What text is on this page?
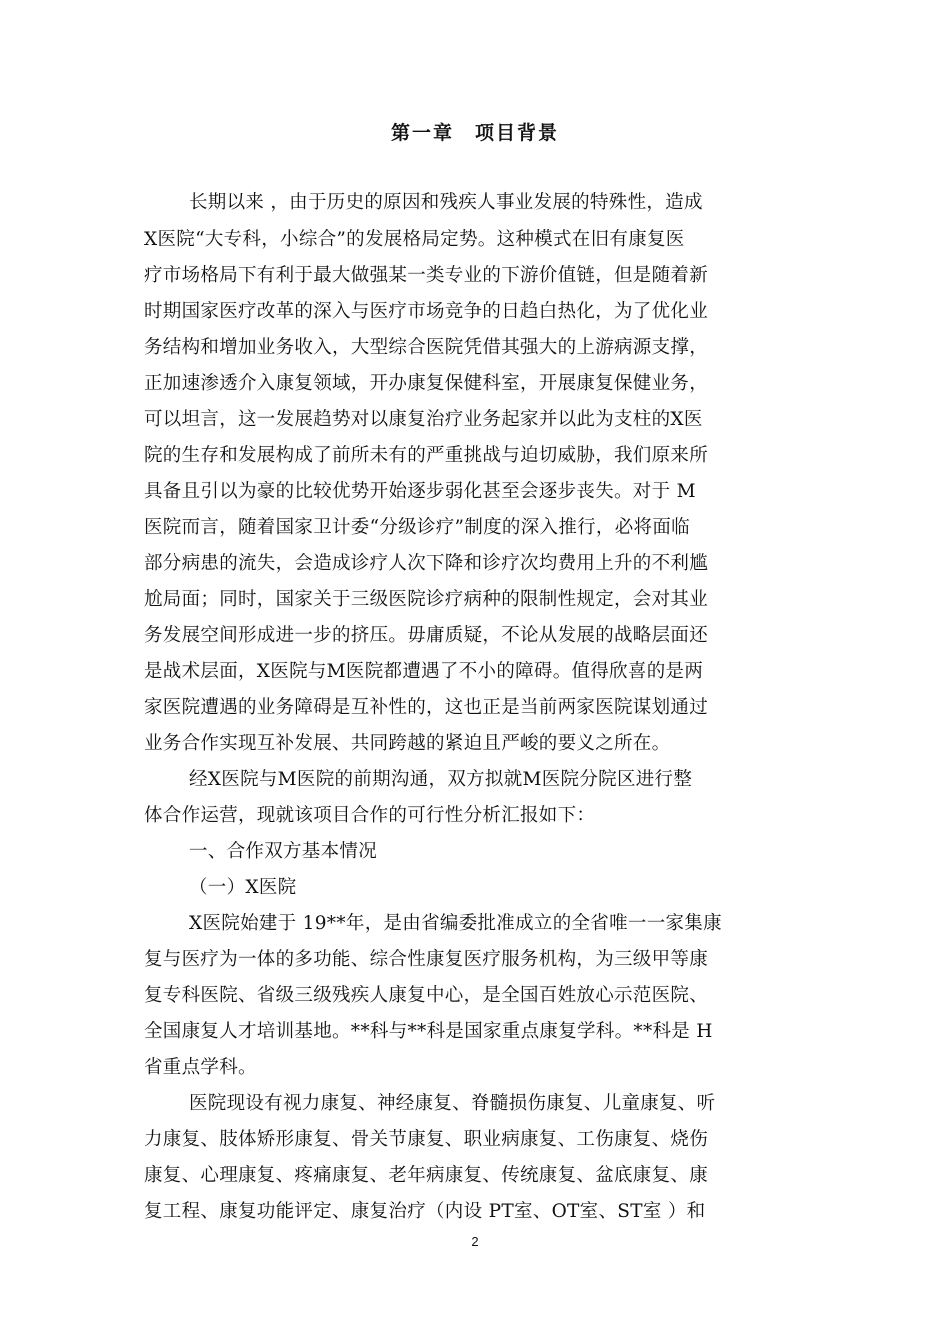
第一章　项目背景
长期以来 ，由于历史的原因和残疾人事业发展的特殊性，造成
X医院“大专科，小综合”的发展格局定势。这种模式在旧有康复医
疗市场格局下有利于最大做强某一类专业的下游价值链，但是随着新
时期国家医疗改革的深入与医疗市场竞争的日趋白热化，为了优化业
务结构和增加业务收入，大型综合医院凭借其强大的上游病源支撑，
正加速渗透介入康复领域，开办康复保健科室，开展康复保健业务，
可以坦言，这一发展趋势对以康复治疗业务起家并以此为支柱的X医
院的生存和发展构成了前所未有的严重挑战与迫切威胁，我们原来所
具备且引以为豪的比较优势开始逐步弱化甚至会逐步丧失。对于 M
医院而言，随着国家卫计委“分级诊疗”制度的深入推行，必将面临
部分病患的流失，会造成诊疗人次下降和诊疗次均费用上升的不利尴
尬局面；同时，国家关于三级医院诊疗病种的限制性规定，会对其业
务发展空间形成进一步的挤压。毋庸质疑，不论从发展的战略层面还
是战术层面，X医院与M医院都遭遇了不小的障碍。值得欣喜的是两
家医院遭遇的业务障碍是互补性的，这也正是当前两家医院谋划通过
业务合作实现互补发展、共同跨越的紧迫且严峻的要义之所在。
经X医院与M医院的前期沟通，双方拟就M医院分院区进行整
体合作运营，现就该项目合作的可行性分析汇报如下：
一、合作双方基本情况
（一）X医院
X医院始建于 19**年，是由省编委批准成立的全省唯一一家集康
复与医疗为一体的多功能、综合性康复医疗服务机构，为三级甲等康
复专科医院、省级三级残疾人康复中心，是全国百姓放心示范医院、
全国康复人才培训基地。**科与**科是国家重点康复学科。**科是 H
省重点学科。
医院现设有视力康复、神经康复、脊髓损伤康复、儿童康复、听
力康复、肢体矫形康复、骨关节康复、职业病康复、工伤康复、烧伤
康复、心理康复、疼痛康复、老年病康复、传统康复、盆底康复、康
复工程、康复功能评定、康复治疗（内设 PT室、OT室、ST室 ）和
2
